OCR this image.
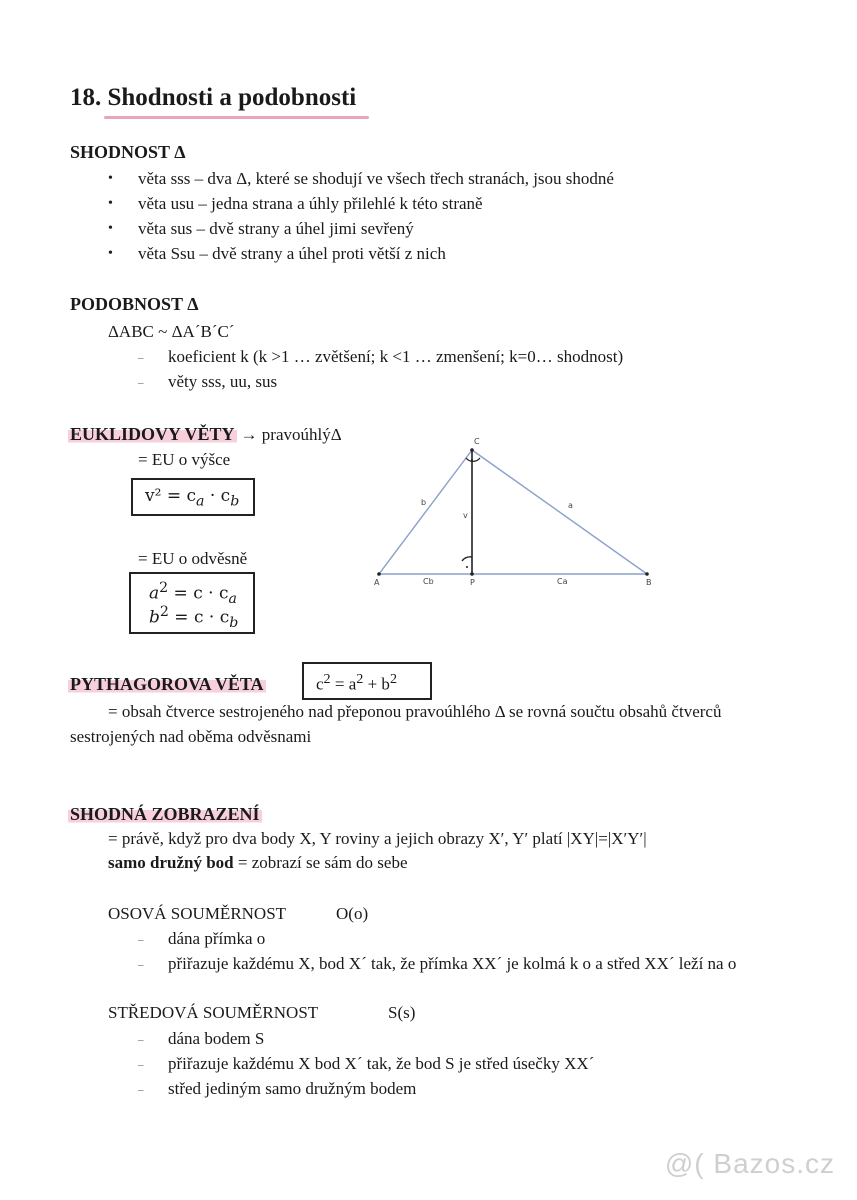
18. Shodnosti a podobnosti
SHODNOST Δ
• věta sss – dva Δ, které se shodují ve všech třech stranách, jsou shodné
• věta usu – jedna strana a úhly přilehlé k této straně
• věta sus – dvě strany a úhel jimi sevřený
• věta Ssu – dvě strany a úhel proti větší z nich
PODOBNOST Δ
ΔABC ~ ΔA´B´C´
– koeficient k (k >1 … zvětšení; k <1 … zmenšení; k=0… shodnost)
– věty sss, uu, sus
EUKLIDOVY VĚTY → pravoúhlýΔ
= EU o výšce
$v^2 = c_a \cdot c_b$
= EU o odvěsně
$a^2 = c \cdot c_a$
$b^2 = c \cdot c_b$
C
A	B
P
a
b
v
Ca
Cb
PYTHAGOROVA VĚTA	$c^2 = a^2 + b^2$
= obsah čtverce sestrojeného nad přeponou pravoúhlého Δ se rovná součtu obsahů čtverců
sestrojených nad oběma odvěsnami
SHODNÁ ZOBRAZENÍ
= právě, když pro dva body X, Y roviny a jejich obrazy X′, Y′ platí |XY|=|X′Y′|
samo družný bod = zobrazí se sám do sebe
OSOVÁ SOUMĚRNOST	O(o)
– dána přímka o
– přiřazuje každému X, bod X´ tak, že přímka XX´ je kolmá k o a střed XX´ leží na o
STŘEDOVÁ SOUMĚRNOST	S(s)
– dána bodem S
– přiřazuje každému X bod X´ tak, že bod S je střed úsečky XX´
– střed jediným samo družným bodem
@( Bazos.cz
